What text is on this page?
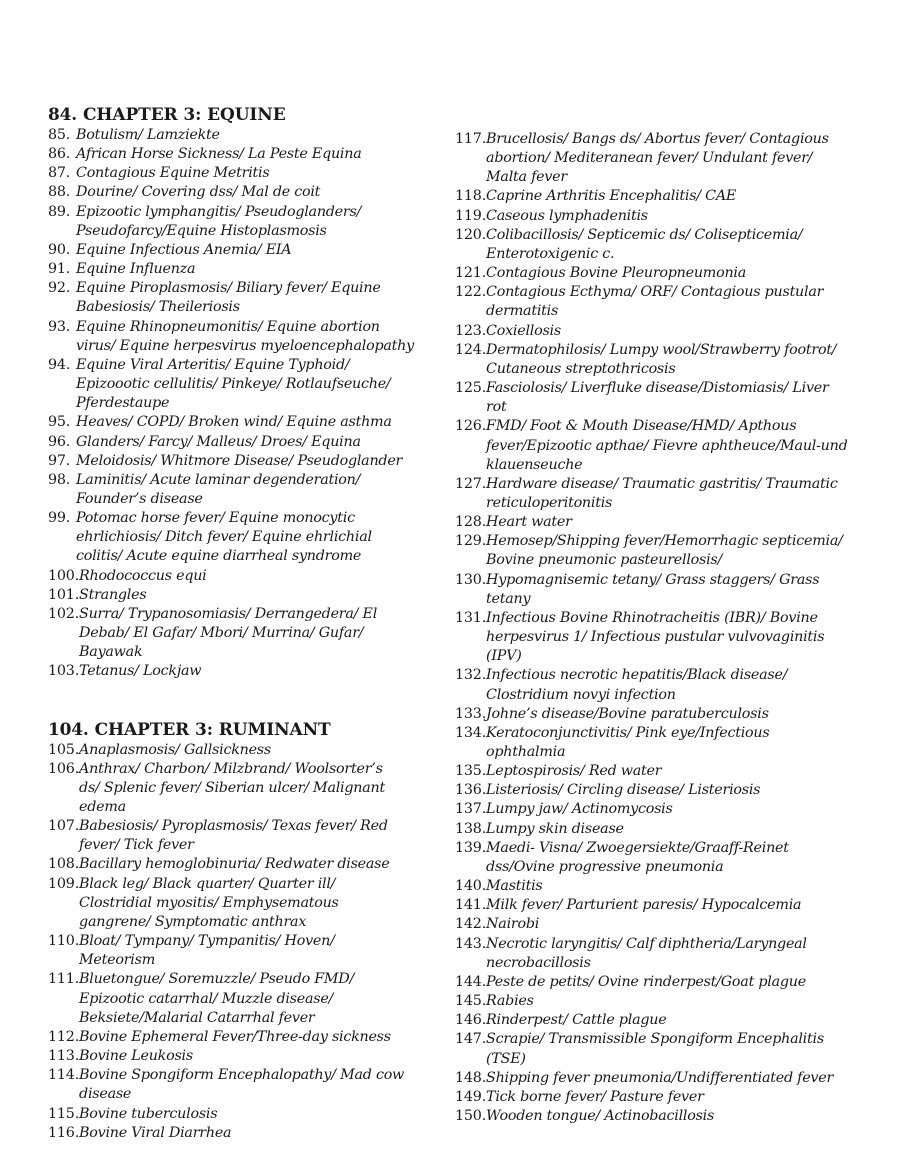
84. CHAPTER 3: EQUINE
85. Botulism/ Lamziekte
86. African Horse Sickness/ La Peste Equina
87. Contagious Equine Metritis
88. Dourine/ Covering dss/ Mal de coit
89. Epizootic lymphangitis/ Pseudoglanders/
Pseudofarcy/Equine Histoplasmosis
90. Equine Infectious Anemia/ EIA
91. Equine Influenza
92. Equine Piroplasmosis/ Biliary fever/ Equine
Babesiosis/ Theileriosis
93. Equine Rhinopneumonitis/ Equine abortion
virus/ Equine herpesvirus myeloencephalopathy
94. Equine Viral Arteritis/ Equine Typhoid/
Epizoootic cellulitis/ Pinkeye/ Rotlaufseuche/
Pferdestaupe
95. Heaves/ COPD/ Broken wind/ Equine asthma
96. Glanders/ Farcy/ Malleus/ Droes/ Equina
97. Meloidosis/ Whitmore Disease/ Pseudoglander
98. Laminitis/ Acute laminar degenderation/
Founder’s disease
99. Potomac horse fever/ Equine monocytic
ehrlichiosis/ Ditch fever/ Equine ehrlichial
colitis/ Acute equine diarrheal syndrome
100. Rhodococcus equi
101. Strangles
102. Surra/ Trypanosomiasis/ Derrangedera/ El
Debab/ El Gafar/ Mbori/ Murrina/ Gufar/
Bayawak
103. Tetanus/ Lockjaw
104. CHAPTER 3: RUMINANT
105. Anaplasmosis/ Gallsickness
106. Anthrax/ Charbon/ Milzbrand/ Woolsorter’s
ds/ Splenic fever/ Siberian ulcer/ Malignant
edema
107. Babesiosis/ Pyroplasmosis/ Texas fever/ Red
fever/ Tick fever
108. Bacillary hemoglobinuria/ Redwater disease
109. Black leg/ Black quarter/ Quarter ill/
Clostridial myositis/ Emphysematous
gangrene/ Symptomatic anthrax
110. Bloat/ Tympany/ Tympanitis/ Hoven/
Meteorism
111. Bluetongue/ Soremuzzle/ Pseudo FMD/
Epizootic catarrhal/ Muzzle disease/
Beksiete/Malarial Catarrhal fever
112. Bovine Ephemeral Fever/Three-day sickness
113. Bovine Leukosis
114. Bovine Spongiform Encephalopathy/ Mad cow
disease
115. Bovine tuberculosis
116. Bovine Viral Diarrhea
117. Brucellosis/ Bangs ds/ Abortus fever/ Contagious
abortion/ Mediteranean fever/ Undulant fever/
Malta fever
118. Caprine Arthritis Encephalitis/ CAE
119. Caseous lymphadenitis
120. Colibacillosis/ Septicemic ds/ Colisepticemia/
Enterotoxigenic c.
121. Contagious Bovine Pleuropneumonia
122. Contagious Ecthyma/ ORF/ Contagious pustular
dermatitis
123. Coxiellosis
124. Dermatophilosis/ Lumpy wool/Strawberry footrot/
Cutaneous streptothricosis
125. Fasciolosis/ Liverfluke disease/Distomiasis/ Liver
rot
126. FMD/ Foot & Mouth Disease/HMD/ Apthous
fever/Epizootic apthae/ Fievre aphtheuce/Maul-und
klauenseuche
127. Hardware disease/ Traumatic gastritis/ Traumatic
reticuloperitonitis
128. Heart water
129. Hemosep/Shipping fever/Hemorrhagic septicemia/
Bovine pneumonic pasteurellosis/
130. Hypomagnisemic tetany/ Grass staggers/ Grass
tetany
131. Infectious Bovine Rhinotracheitis (IBR)/ Bovine
herpesvirus 1/ Infectious pustular vulvovaginitis
(IPV)
132. Infectious necrotic hepatitis/Black disease/
Clostridium novyi infection
133. Johne’s disease/Bovine paratuberculosis
134. Keratoconjunctivitis/ Pink eye/Infectious
ophthalmia
135. Leptospirosis/ Red water
136. Listeriosis/ Circling disease/ Listeriosis
137. Lumpy jaw/ Actinomycosis
138. Lumpy skin disease
139. Maedi- Visna/ Zwoegersiekte/Graaff-Reinet
dss/Ovine progressive pneumonia
140. Mastitis
141. Milk fever/ Parturient paresis/ Hypocalcemia
142. Nairobi
143. Necrotic laryngitis/ Calf diphtheria/Laryngeal
necrobacillosis
144. Peste de petits/ Ovine rinderpest/Goat plague
145. Rabies
146. Rinderpest/ Cattle plague
147. Scrapie/ Transmissible Spongiform Encephalitis
(TSE)
148. Shipping fever pneumonia/Undifferentiated fever
149. Tick borne fever/ Pasture fever
150. Wooden tongue/ Actinobacillosis
